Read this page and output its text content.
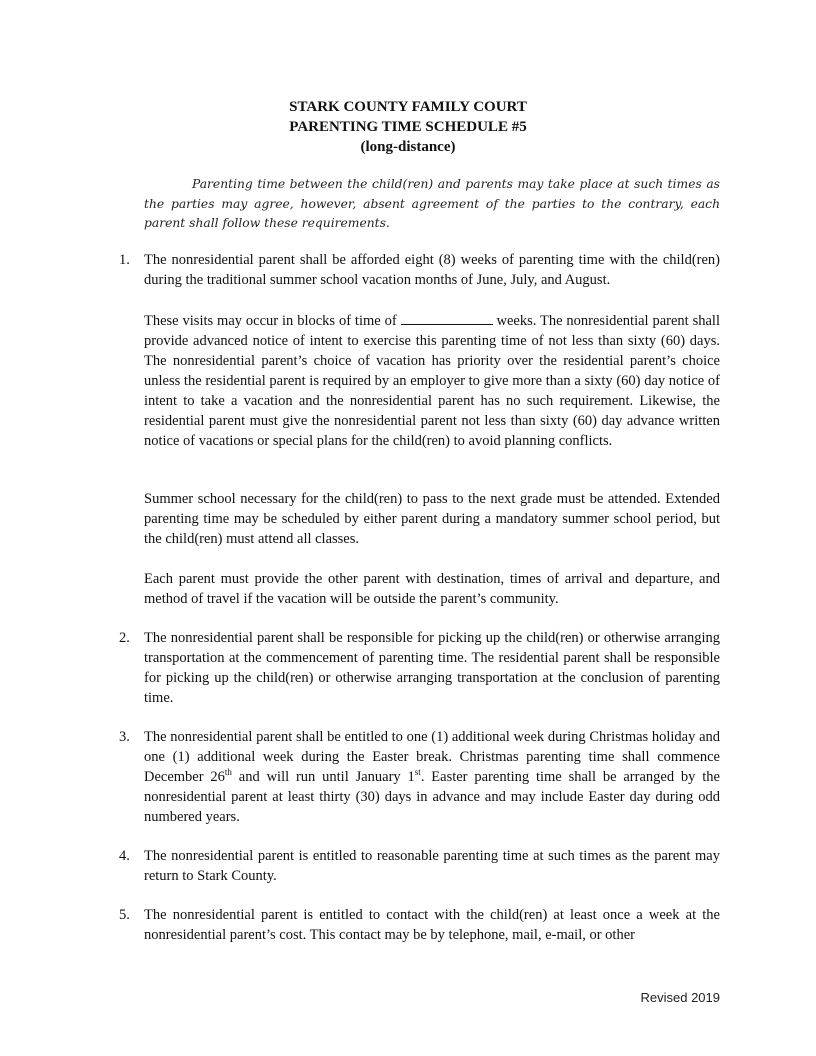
STARK COUNTY FAMILY COURT
PARENTING TIME SCHEDULE #5
(long-distance)
Parenting time between the child(ren) and parents may take place at such times as the parties may agree, however, absent agreement of the parties to the contrary, each parent shall follow these requirements.
1. The nonresidential parent shall be afforded eight (8) weeks of parenting time with the child(ren) during the traditional summer school vacation months of June, July, and August.
These visits may occur in blocks of time of	weeks. The nonresidential parent shall provide advanced notice of intent to exercise this parenting time of not less than sixty (60) days. The nonresidential parent’s choice of vacation has priority over the residential parent’s choice unless the residential parent is required by an employer to give more than a sixty (60) day notice of intent to take a vacation and the nonresidential parent has no such requirement. Likewise, the residential parent must give the nonresidential parent not less than sixty (60) day advance written notice of vacations or special plans for the child(ren) to avoid planning conflicts.
Summer school necessary for the child(ren) to pass to the next grade must be attended. Extended parenting time may be scheduled by either parent during a mandatory summer school period, but the child(ren) must attend all classes.
Each parent must provide the other parent with destination, times of arrival and departure, and method of travel if the vacation will be outside the parent’s community.
2. The nonresidential parent shall be responsible for picking up the child(ren) or otherwise arranging transportation at the commencement of parenting time. The residential parent shall be responsible for picking up the child(ren) or otherwise arranging transportation at the conclusion of parenting time.
3. The nonresidential parent shall be entitled to one (1) additional week during Christmas holiday and one (1) additional week during the Easter break. Christmas parenting time shall commence December 26th and will run until January 1st. Easter parenting time shall be arranged by the nonresidential parent at least thirty (30) days in advance and may include Easter day during odd numbered years.
4. The nonresidential parent is entitled to reasonable parenting time at such times as the parent may return to Stark County.
5. The nonresidential parent is entitled to contact with the child(ren) at least once a week at the nonresidential parent’s cost. This contact may be by telephone, mail, e-mail, or other
Revised 2019
